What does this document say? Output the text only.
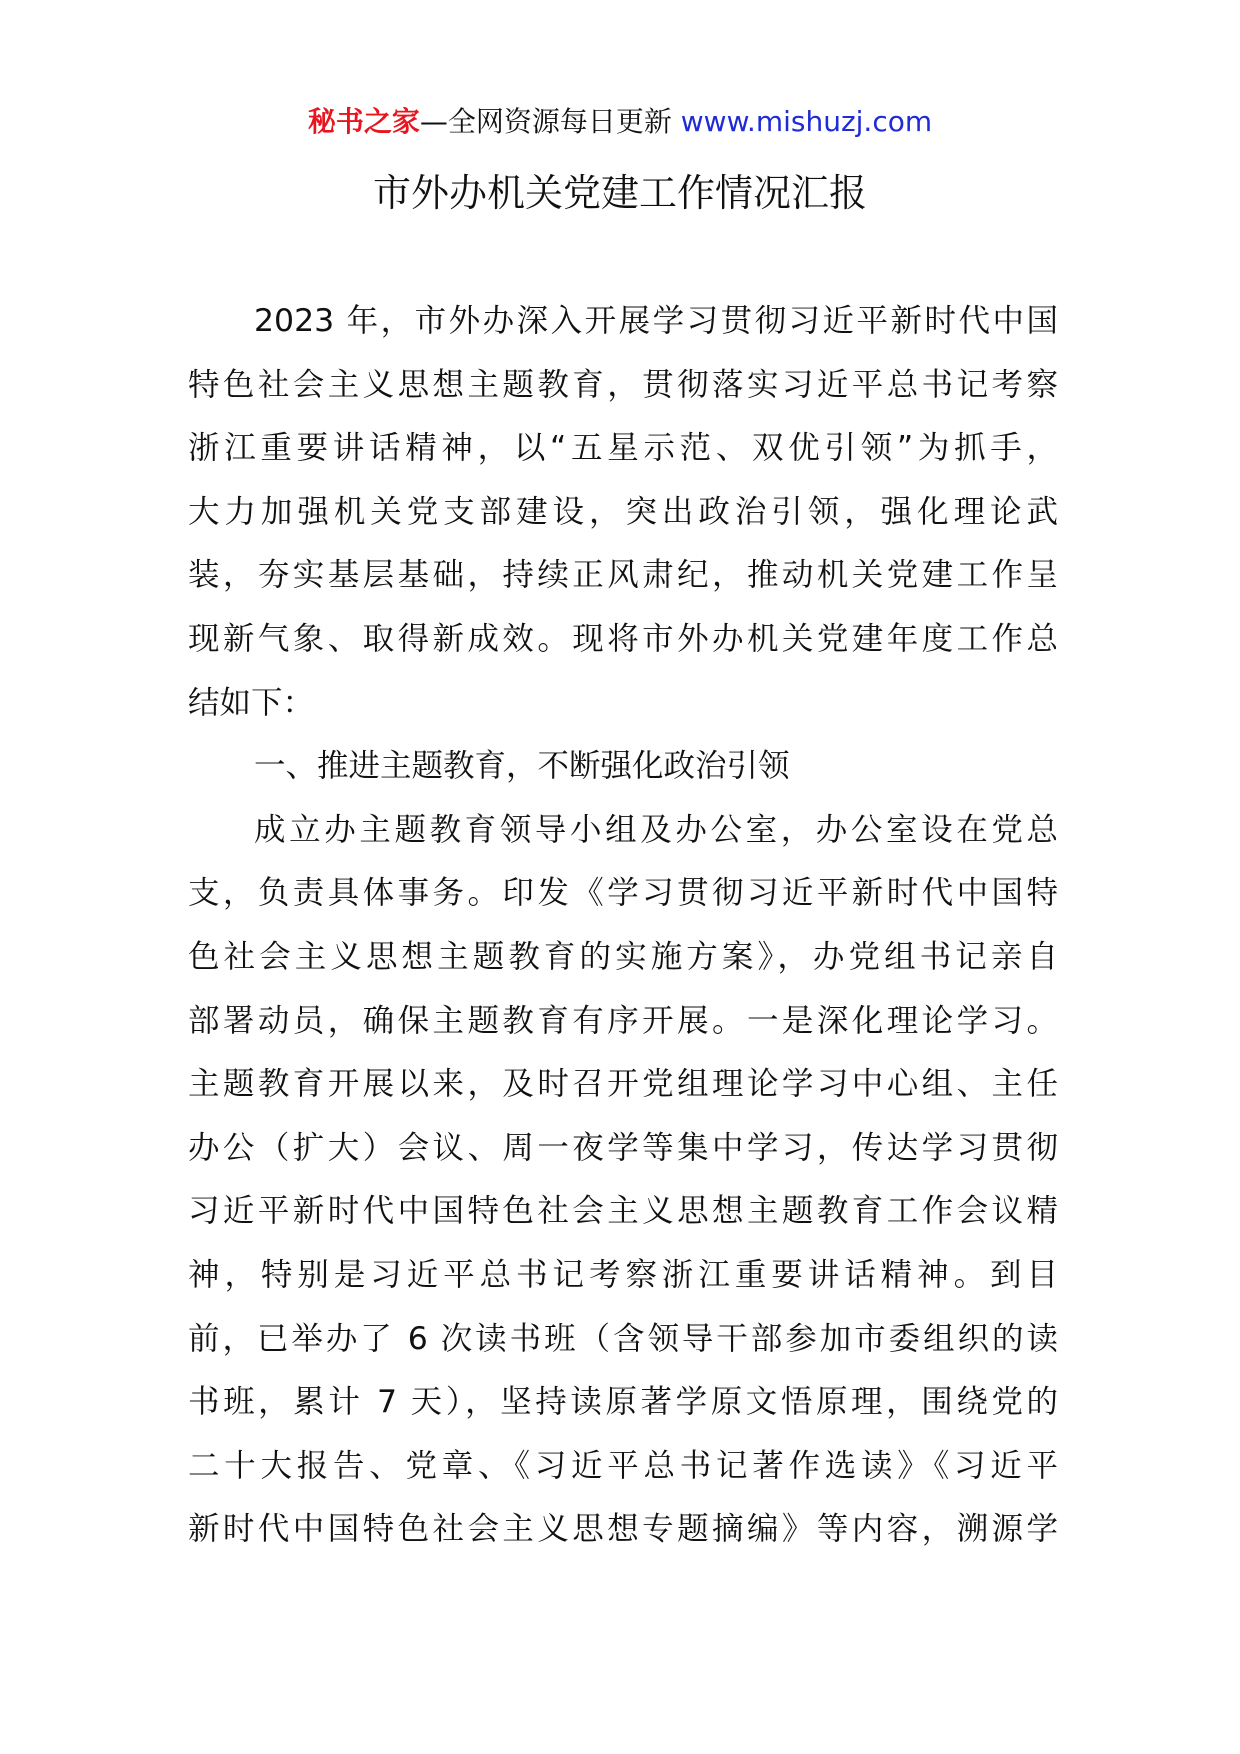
秘书之家—全网资源每日更新 www.mishuzj.com
市外办机关党建工作情况汇报
2023 年，市外办深入开展学习贯彻习近平新时代中国
特色社会主义思想主题教育，贯彻落实习近平总书记考察
浙江重要讲话精神，以“五星示范、双优引领”为抓手，
大力加强机关党支部建设，突出政治引领，强化理论武
装，夯实基层基础，持续正风肃纪，推动机关党建工作呈
现新气象、取得新成效。现将市外办机关党建年度工作总
结如下：
一、推进主题教育，不断强化政治引领
成立办主题教育领导小组及办公室，办公室设在党总
支，负责具体事务。印发《学习贯彻习近平新时代中国特
色社会主义思想主题教育的实施方案》，办党组书记亲自
部署动员，确保主题教育有序开展。一是深化理论学习。
主题教育开展以来，及时召开党组理论学习中心组、主任
办公（扩大）会议、周一夜学等集中学习，传达学习贯彻
习近平新时代中国特色社会主义思想主题教育工作会议精
神，特别是习近平总书记考察浙江重要讲话精神。到目
前，已举办了 6 次读书班（含领导干部参加市委组织的读
书班，累计 7 天），坚持读原著学原文悟原理，围绕党的
二十大报告、党章、《习近平总书记著作选读》《习近平
新时代中国特色社会主义思想专题摘编》等内容，溯源学
